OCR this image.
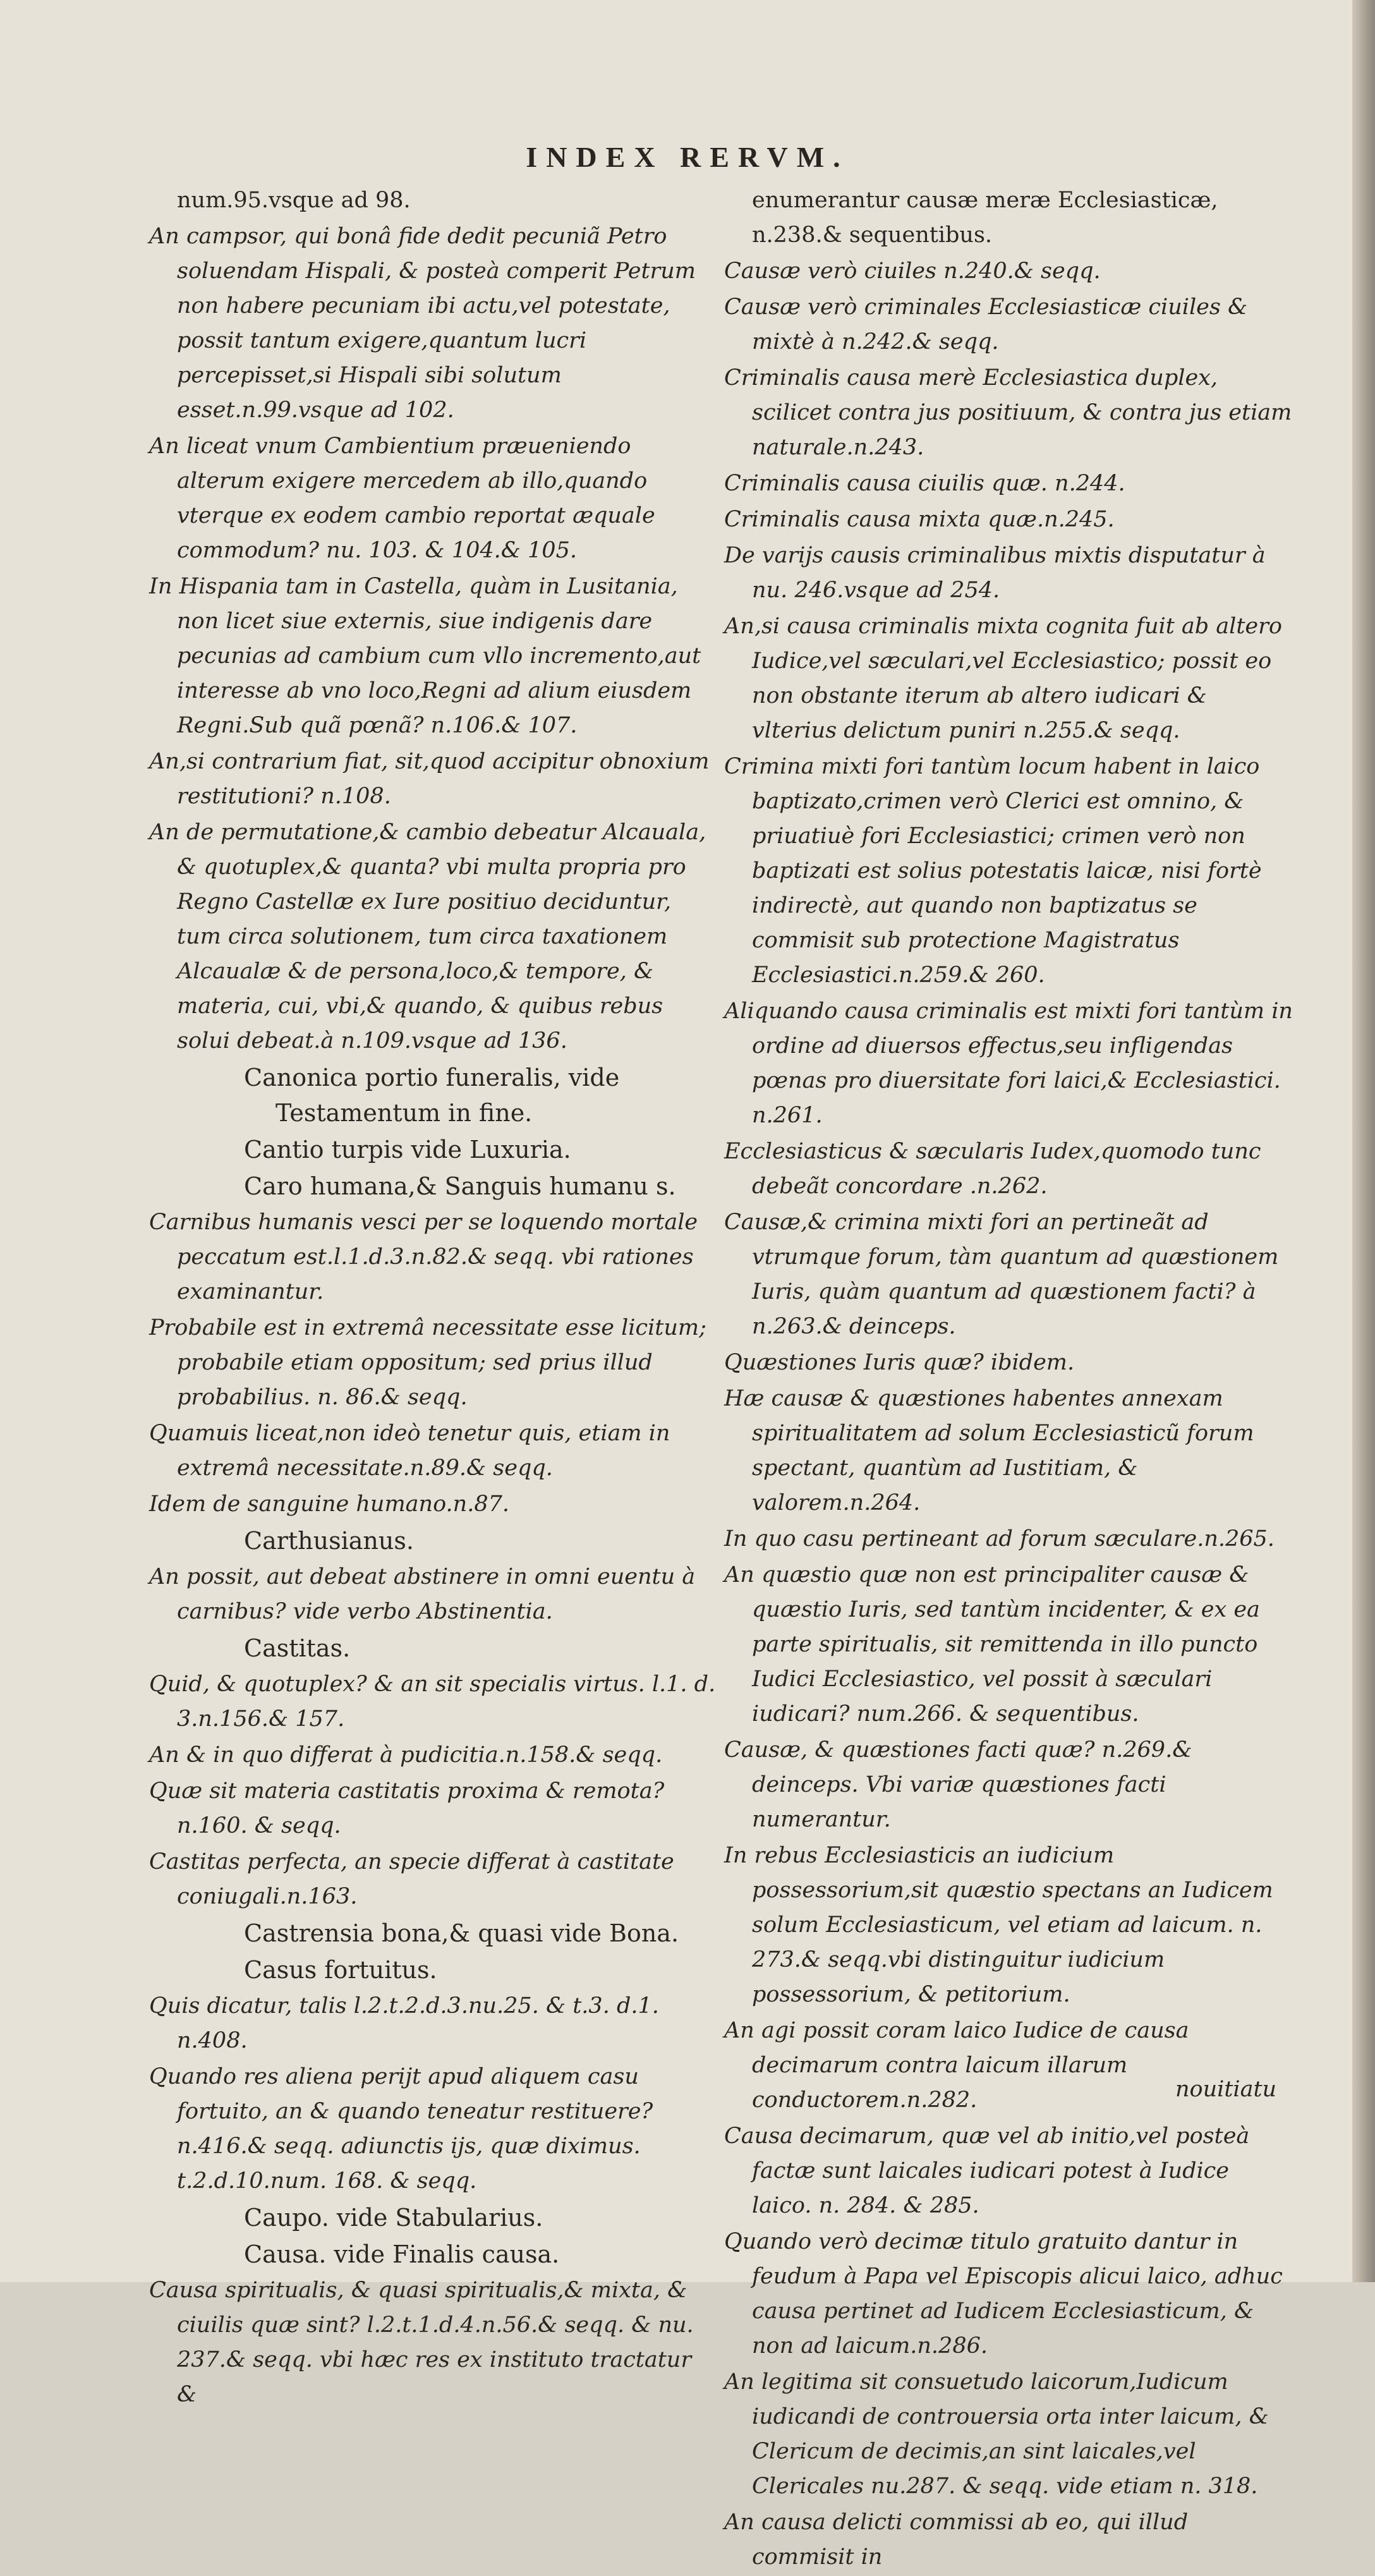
INDEX RERVM.
num.95.vsque ad 98.
An campsor, qui bonâ fide dedit pecuniã Petro soluendam Hispali, & posteà comperit Petrum non habere pecuniam ibi actu,vel potestate, possit tantum exigere,quantum lucri percepisset,si Hispali sibi solutum esset.n.99.vsque ad 102.
An liceat vnum Cambientium præueniendo alterum exigere mercedem ab illo,quando vterque ex eodem cambio reportat æquale commodum? nu. 103. & 104.& 105.
In Hispania tam in Castella, quàm in Lusitania, non licet siue externis, siue indigenis dare pecunias ad cambium cum vllo incremento,aut interesse ab vno loco,Regni ad alium eiusdem Regni.Sub quã pœnã? n.106.& 107.
An,si contrarium fiat, sit,quod accipitur obnoxium restitutioni? n.108.
An de permutatione,& cambio debeatur Alcauala, & quotuplex,& quanta? vbi multa propria pro Regno Castellæ ex Iure positiuo deciduntur, tum circa solutionem, tum circa taxationem Alcaualæ & de persona,loco,& tempore, & materia, cui, vbi,& quando, & quibus rebus solui debeat.à n.109.vsque ad 136.
Canonica portio funeralis, vide Testamentum in fine.
Cantio turpis vide Luxuria.
Caro humana,& Sanguis humanu s.
Carnibus humanis vesci per se loquendo mortale peccatum est.l.1.d.3.n.82.& seqq. vbi rationes examinantur.
Probabile est in extremâ necessitate esse licitum; probabile etiam oppositum; sed prius illud probabilius. n. 86.& seqq.
Quamuis liceat,non ideò tenetur quis, etiam in extremâ necessitate.n.89.& seqq.
Idem de sanguine humano.n.87.
Carthusianus.
An possit, aut debeat abstinere in omni euentu à carnibus? vide verbo Abstinentia.
Castitas.
Quid, & quotuplex? & an sit specialis virtus. l.1. d. 3.n.156.& 157.
An & in quo differat à pudicitia.n.158.& seqq.
Quæ sit materia castitatis proxima & remota?n.160. & seqq.
Castitas perfecta, an specie differat à castitate coniugali.n.163.
Castrensia bona,& quasi vide Bona.
Casus fortuitus.
Quis dicatur, talis l.2.t.2.d.3.nu.25. & t.3. d.1. n.408.
Quando res aliena perijt apud aliquem casu fortuito, an & quando teneatur restituere? n.416.& seqq. adiunctis ijs, quæ diximus. t.2.d.10.num. 168. & seqq.
Caupo. vide Stabularius.
Causa. vide Finalis causa.
Causa spiritualis, & quasi spiritualis,& mixta, & ciuilis quæ sint? l.2.t.1.d.4.n.56.& seqq. & nu. 237.& seqq. vbi hæc res ex instituto tractatur &
enumerantur causæ meræ Ecclesiasticæ, n.238.& sequentibus.
Causæ verò ciuiles n.240.& seqq.
Causæ verò criminales Ecclesiasticæ ciuiles & mixtè à n.242.& seqq.
Criminalis causa merè Ecclesiastica duplex, scilicet contra jus positiuum, & contra jus etiam naturale.n.243.
Criminalis causa ciuilis quæ. n.244.
Criminalis causa mixta quæ.n.245.
De varijs causis criminalibus mixtis disputatur à nu. 246.vsque ad 254.
An,si causa criminalis mixta cognita fuit ab altero Iudice,vel sæculari,vel Ecclesiastico; possit eo non obstante iterum ab altero iudicari & vlterius delictum puniri n.255.& seqq.
Crimina mixti fori tantùm locum habent in laico baptizato,crimen verò Clerici est omnino, & priuatiuè fori Ecclesiastici; crimen verò non baptizati est solius potestatis laicæ, nisi fortè indirectè, aut quando non baptizatus se commisit sub protectione Magistratus Ecclesiastici.n.259.& 260.
Aliquando causa criminalis est mixti fori tantùm in ordine ad diuersos effectus,seu infligendas pœnas pro diuersitate fori laici,& Ecclesiastici. n.261.
Ecclesiasticus & sæcularis Iudex,quomodo tunc debeãt concordare .n.262.
Causæ,& crimina mixti fori an pertineãt ad vtrumque forum, tàm quantum ad quæstionem Iuris, quàm quantum ad quæstionem facti? à n.263.& deinceps.
Quæstiones Iuris quæ? ibidem.
Hæ causæ & quæstiones habentes annexam spiritualitatem ad solum Ecclesiasticũ forum spectant, quantùm ad Iustitiam, & valorem.n.264.
In quo casu pertineant ad forum sæculare.n.265.
An quæstio quæ non est principaliter causæ & quæstio Iuris, sed tantùm incidenter, & ex ea parte spiritualis, sit remittenda in illo puncto Iudici Ecclesiastico, vel possit à sæculari iudicari? num.266. & sequentibus.
Causæ, & quæstiones facti quæ? n.269.& deinceps. Vbi variæ quæstiones facti numerantur.
In rebus Ecclesiasticis an iudicium possessorium,sit quæstio spectans an Iudicem solum Ecclesiasticum, vel etiam ad laicum. n. 273.& seqq.vbi distinguitur iudicium possessorium, & petitorium.
An agi possit coram laico Iudice de causa decimarum contra laicum illarum conductorem.n.282.
Causa decimarum, quæ vel ab initio,vel posteà factæ sunt laicales iudicari potest à Iudice laico. n. 284. & 285.
Quando verò decimæ titulo gratuito dantur in feudum à Papa vel Episcopis alicui laico, adhuc causa pertinet ad Iudicem Ecclesiasticum, & non ad laicum.n.286.
An legitima sit consuetudo laicorum,Iudicum iudicandi de controuersia orta inter laicum, & Clericum de decimis,an sint laicales,vel Clericales nu.287. & seqq. vide etiam n. 318.
An causa delicti commissi ab eo, qui illud commisit in
nouitiatu
